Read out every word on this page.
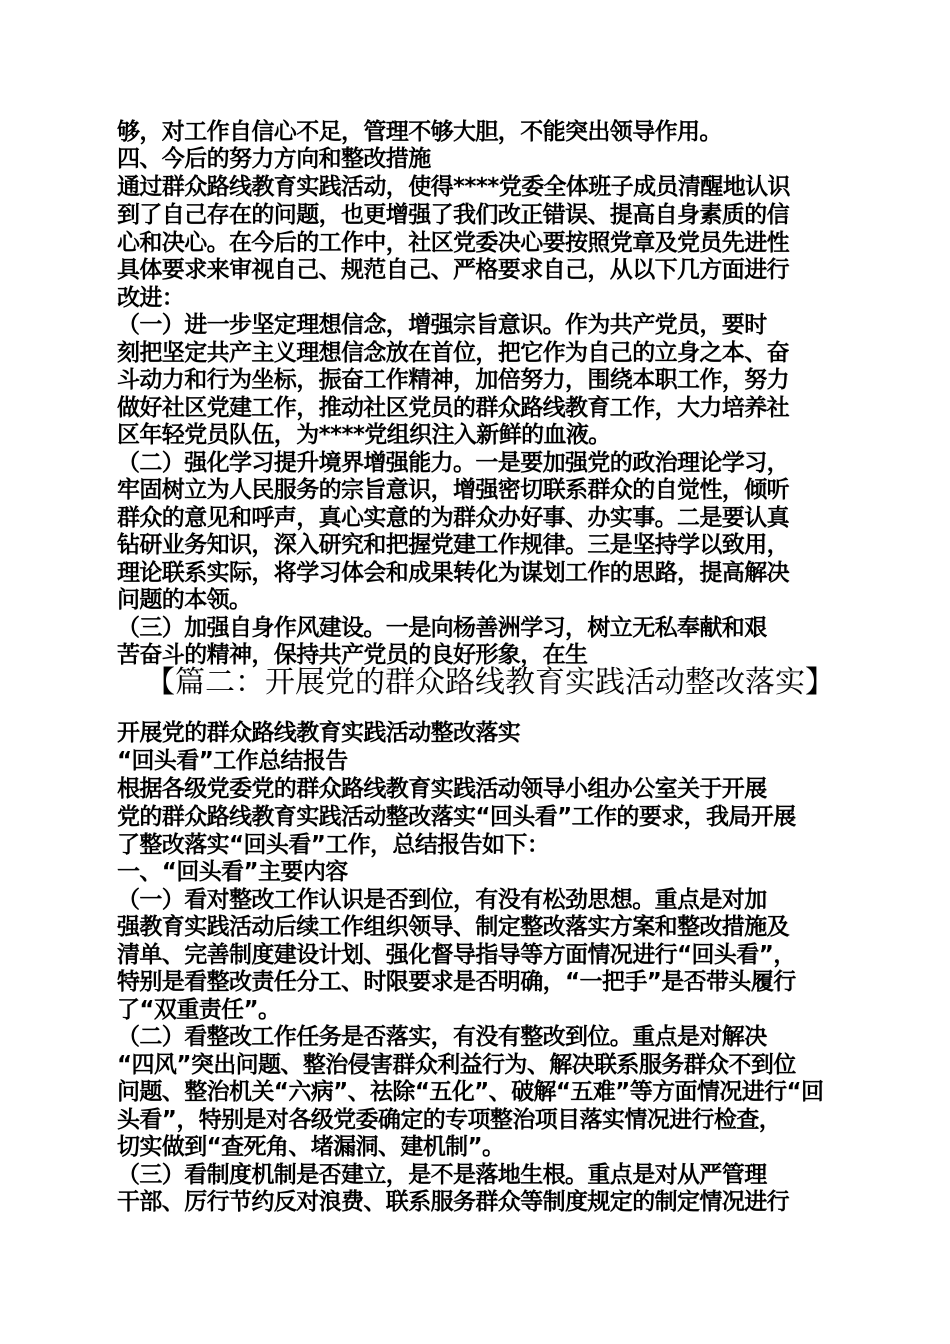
够，对工作自信心不足，管理不够大胆，不能突出领导作用。
四、今后的努力方向和整改措施
通过群众路线教育实践活动，使得****党委全体班子成员清醒地认识
到了自己存在的问题，也更增强了我们改正错误、提高自身素质的信
心和决心。在今后的工作中，社区党委决心要按照党章及党员先进性
具体要求来审视自己、规范自己、严格要求自己，从以下几方面进行
改进：
（一）进一步坚定理想信念，增强宗旨意识。作为共产党员，要时
刻把坚定共产主义理想信念放在首位，把它作为自己的立身之本、奋
斗动力和行为坐标，振奋工作精神，加倍努力，围绕本职工作，努力
做好社区党建工作，推动社区党员的群众路线教育工作，大力培养社
区年轻党员队伍，为****党组织注入新鲜的血液。
（二）强化学习提升境界增强能力。一是要加强党的政治理论学习，
牢固树立为人民服务的宗旨意识，增强密切联系群众的自觉性，倾听
群众的意见和呼声，真心实意的为群众办好事、办实事。二是要认真
钻研业务知识，深入研究和把握党建工作规律。三是坚持学以致用，
理论联系实际，将学习体会和成果转化为谋划工作的思路，提高解决
问题的本领。
（三）加强自身作风建设。一是向杨善洲学习，树立无私奉献和艰
苦奋斗的精神，保持共产党员的良好形象，在生
【篇二：开展党的群众路线教育实践活动整改落实】
开展党的群众路线教育实践活动整改落实
“回头看”工作总结报告
根据各级党委党的群众路线教育实践活动领导小组办公室关于开展
党的群众路线教育实践活动整改落实“回头看”工作的要求，我局开展
了整改落实“回头看”工作，总结报告如下：
一、“回头看”主要内容
（一）看对整改工作认识是否到位，有没有松劲思想。重点是对加
强教育实践活动后续工作组织领导、制定整改落实方案和整改措施及
清单、完善制度建设计划、强化督导指导等方面情况进行“回头看”，
特别是看整改责任分工、时限要求是否明确，“一把手”是否带头履行
了“双重责任”。
（二）看整改工作任务是否落实，有没有整改到位。重点是对解决
“四风”突出问题、整治侵害群众利益行为、解决联系服务群众不到位
问题、整治机关“六病”、祛除“五化”、破解“五难”等方面情况进行“回
头看”，特别是对各级党委确定的专项整治项目落实情况进行检查，
切实做到“查死角、堵漏洞、建机制”。
（三）看制度机制是否建立，是不是落地生根。重点是对从严管理
干部、厉行节约反对浪费、联系服务群众等制度规定的制定情况进行
